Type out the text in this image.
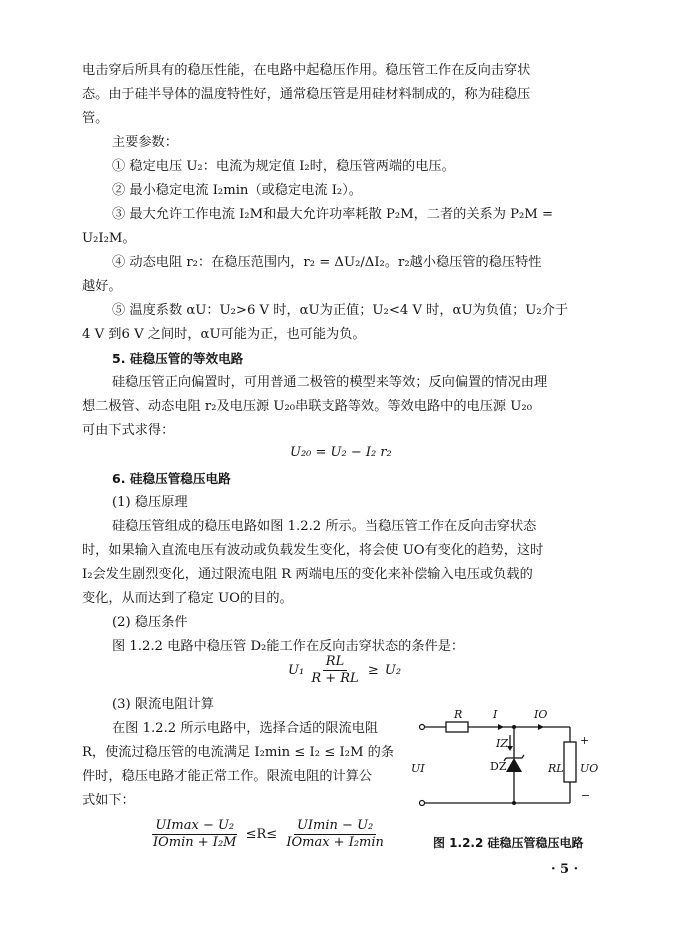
电击穿后所具有的稳压性能，在电路中起稳压作用。稳压管工作在反向击穿状
态。由于硅半导体的温度特性好，通常稳压管是用硅材料制成的，称为硅稳压
管。
主要参数：
① 稳定电压 U₂：电流为规定值 I₂时，稳压管两端的电压。
② 最小稳定电流 I₂min（或稳定电流 I₂）。
③ 最大允许工作电流 I₂M和最大允许功率耗散 P₂M，二者的关系为 P₂M =
U₂I₂M。
④ 动态电阻 r₂：在稳压范围内，r₂ = ΔU₂/ΔI₂。r₂越小稳压管的稳压特性
越好。
⑤ 温度系数 αU：U₂>6 V 时，αU为正值；U₂<4 V 时，αU为负值；U₂介于
4 V 到6 V 之间时，αU可能为正，也可能为负。
5. 硅稳压管的等效电路
硅稳压管正向偏置时，可用普通二极管的模型来等效；反向偏置的情况由理
想二极管、动态电阻 r₂及电压源 U₂₀串联支路等效。等效电路中的电压源 U₂₀
可由下式求得：
U₂₀ = U₂ − I₂ r₂
6. 硅稳压管稳压电路
(1) 稳压原理
硅稳压管组成的稳压电路如图 1.2.2 所示。当稳压管工作在反向击穿状态
时，如果输入直流电压有波动或负载发生变化，将会使 UO有变化的趋势，这时
I₂会发生剧烈变化，通过限流电阻 R 两端电压的变化来补偿输入电压或负载的
变化，从而达到了稳定 UO的目的。
(2) 稳压条件
图 1.2.2 电路中稳压管 D₂能工作在反向击穿状态的条件是：
$U_1 \frac{RL}{R + RL} \ge U_2$
(3) 限流电阻计算
在图 1.2.2 所示电路中，选择合适的限流电阻
R，使流过稳压管的电流满足 I₂min ≤ I₂ ≤ I₂M 的条
件时，稳压电路才能正常工作。限流电阻的计算公
式如下：
$\frac{\text{UImax − U₂}}{\text{IOmin + I₂M}} \le R\le \frac{\text{UImin − U₂}}{\text{IOmax + I₂min}}$
R	I	IO
IZ
DZ	RL
UI	UO
+
−
图 1.2.2 硅稳压管稳压电路
· 5 ·
